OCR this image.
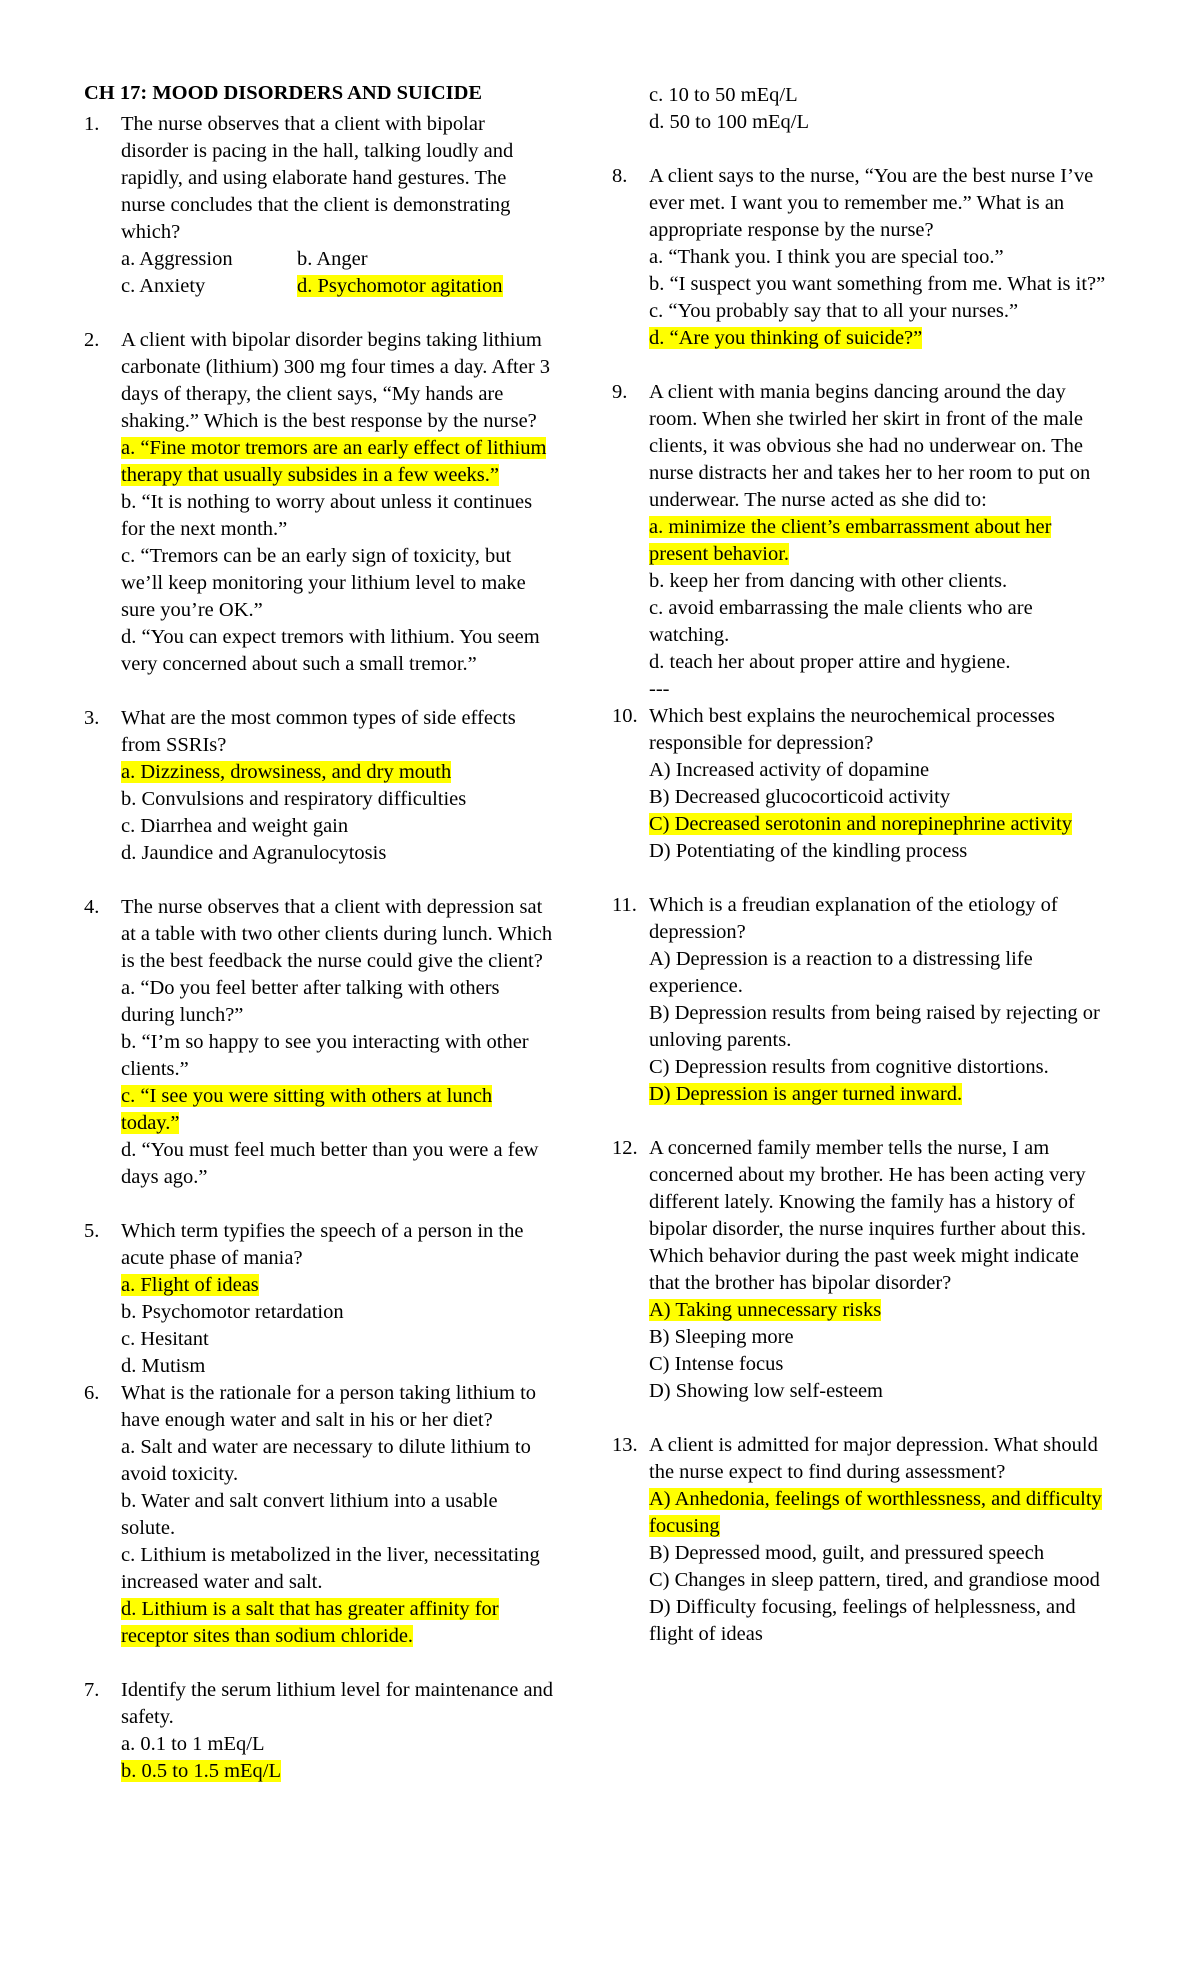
CH 17: MOOD DISORDERS AND SUICIDE
1. The nurse observes that a client with bipolar disorder is pacing in the hall, talking loudly and rapidly, and using elaborate hand gestures. The nurse concludes that the client is demonstrating which?
a. Aggression	b. Anger
c. Anxiety	d. Psychomotor agitation
2. A client with bipolar disorder begins taking lithium carbonate (lithium) 300 mg four times a day. After 3 days of therapy, the client says, “My hands are shaking.” Which is the best response by the nurse?
a. “Fine motor tremors are an early effect of lithium therapy that usually subsides in a few weeks.”
b. “It is nothing to worry about unless it continues for the next month.”
c. “Tremors can be an early sign of toxicity, but we’ll keep monitoring your lithium level to make sure you’re OK.”
d. “You can expect tremors with lithium. You seem very concerned about such a small tremor.”
3. What are the most common types of side effects from SSRIs?
a. Dizziness, drowsiness, and dry mouth
b. Convulsions and respiratory difficulties
c. Diarrhea and weight gain
d. Jaundice and Agranulocytosis
4. The nurse observes that a client with depression sat at a table with two other clients during lunch. Which is the best feedback the nurse could give the client?
a. “Do you feel better after talking with others during lunch?”
b. “I’m so happy to see you interacting with other clients.”
c. “I see you were sitting with others at lunch today.”
d. “You must feel much better than you were a few days ago.”
5. Which term typifies the speech of a person in the acute phase of mania?
a. Flight of ideas
b. Psychomotor retardation
c. Hesitant
d. Mutism
6. What is the rationale for a person taking lithium to have enough water and salt in his or her diet?
a. Salt and water are necessary to dilute lithium to avoid toxicity.
b. Water and salt convert lithium into a usable solute.
c. Lithium is metabolized in the liver, necessitating increased water and salt.
d. Lithium is a salt that has greater affinity for receptor sites than sodium chloride.
7. Identify the serum lithium level for maintenance and safety.
a. 0.1 to 1 mEq/L
b. 0.5 to 1.5 mEq/L
c. 10 to 50 mEq/L
d. 50 to 100 mEq/L
8. A client says to the nurse, “You are the best nurse I’ve ever met. I want you to remember me.” What is an appropriate response by the nurse?
a. “Thank you. I think you are special too.”
b. “I suspect you want something from me. What is it?”
c. “You probably say that to all your nurses.”
d. “Are you thinking of suicide?”
9. A client with mania begins dancing around the day room. When she twirled her skirt in front of the male clients, it was obvious she had no underwear on. The nurse distracts her and takes her to her room to put on underwear. The nurse acted as she did to:
a. minimize the client’s embarrassment about her present behavior.
b. keep her from dancing with other clients.
c. avoid embarrassing the male clients who are watching.
d. teach her about proper attire and hygiene.
---
10. Which best explains the neurochemical processes responsible for depression?
A) Increased activity of dopamine
B) Decreased glucocorticoid activity
C) Decreased serotonin and norepinephrine activity
D) Potentiating of the kindling process
11. Which is a freudian explanation of the etiology of depression?
A) Depression is a reaction to a distressing life experience.
B) Depression results from being raised by rejecting or unloving parents.
C) Depression results from cognitive distortions.
D) Depression is anger turned inward.
12. A concerned family member tells the nurse, I am concerned about my brother. He has been acting very different lately. Knowing the family has a history of bipolar disorder, the nurse inquires further about this. Which behavior during the past week might indicate that the brother has bipolar disorder?
A) Taking unnecessary risks
B) Sleeping more
C) Intense focus
D) Showing low self-esteem
13. A client is admitted for major depression. What should the nurse expect to find during assessment?
A) Anhedonia, feelings of worthlessness, and difficulty focusing
B) Depressed mood, guilt, and pressured speech
C) Changes in sleep pattern, tired, and grandiose mood
D) Difficulty focusing, feelings of helplessness, and flight of ideas
